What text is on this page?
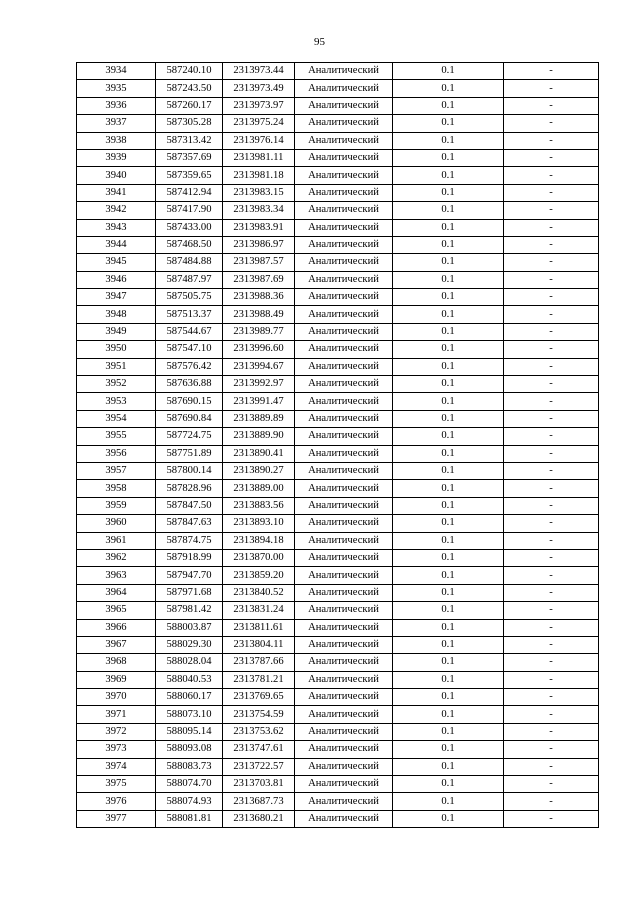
95
3934	587240.10	2313973.44	Аналитический	0.1	-
3935	587243.50	2313973.49	Аналитический	0.1	-
3936	587260.17	2313973.97	Аналитический	0.1	-
3937	587305.28	2313975.24	Аналитический	0.1	-
3938	587313.42	2313976.14	Аналитический	0.1	-
3939	587357.69	2313981.11	Аналитический	0.1	-
3940	587359.65	2313981.18	Аналитический	0.1	-
3941	587412.94	2313983.15	Аналитический	0.1	-
3942	587417.90	2313983.34	Аналитический	0.1	-
3943	587433.00	2313983.91	Аналитический	0.1	-
3944	587468.50	2313986.97	Аналитический	0.1	-
3945	587484.88	2313987.57	Аналитический	0.1	-
3946	587487.97	2313987.69	Аналитический	0.1	-
3947	587505.75	2313988.36	Аналитический	0.1	-
3948	587513.37	2313988.49	Аналитический	0.1	-
3949	587544.67	2313989.77	Аналитический	0.1	-
3950	587547.10	2313996.60	Аналитический	0.1	-
3951	587576.42	2313994.67	Аналитический	0.1	-
3952	587636.88	2313992.97	Аналитический	0.1	-
3953	587690.15	2313991.47	Аналитический	0.1	-
3954	587690.84	2313889.89	Аналитический	0.1	-
3955	587724.75	2313889.90	Аналитический	0.1	-
3956	587751.89	2313890.41	Аналитический	0.1	-
3957	587800.14	2313890.27	Аналитический	0.1	-
3958	587828.96	2313889.00	Аналитический	0.1	-
3959	587847.50	2313883.56	Аналитический	0.1	-
3960	587847.63	2313893.10	Аналитический	0.1	-
3961	587874.75	2313894.18	Аналитический	0.1	-
3962	587918.99	2313870.00	Аналитический	0.1	-
3963	587947.70	2313859.20	Аналитический	0.1	-
3964	587971.68	2313840.52	Аналитический	0.1	-
3965	587981.42	2313831.24	Аналитический	0.1	-
3966	588003.87	2313811.61	Аналитический	0.1	-
3967	588029.30	2313804.11	Аналитический	0.1	-
3968	588028.04	2313787.66	Аналитический	0.1	-
3969	588040.53	2313781.21	Аналитический	0.1	-
3970	588060.17	2313769.65	Аналитический	0.1	-
3971	588073.10	2313754.59	Аналитический	0.1	-
3972	588095.14	2313753.62	Аналитический	0.1	-
3973	588093.08	2313747.61	Аналитический	0.1	-
3974	588083.73	2313722.57	Аналитический	0.1	-
3975	588074.70	2313703.81	Аналитический	0.1	-
3976	588074.93	2313687.73	Аналитический	0.1	-
3977	588081.81	2313680.21	Аналитический	0.1	-
